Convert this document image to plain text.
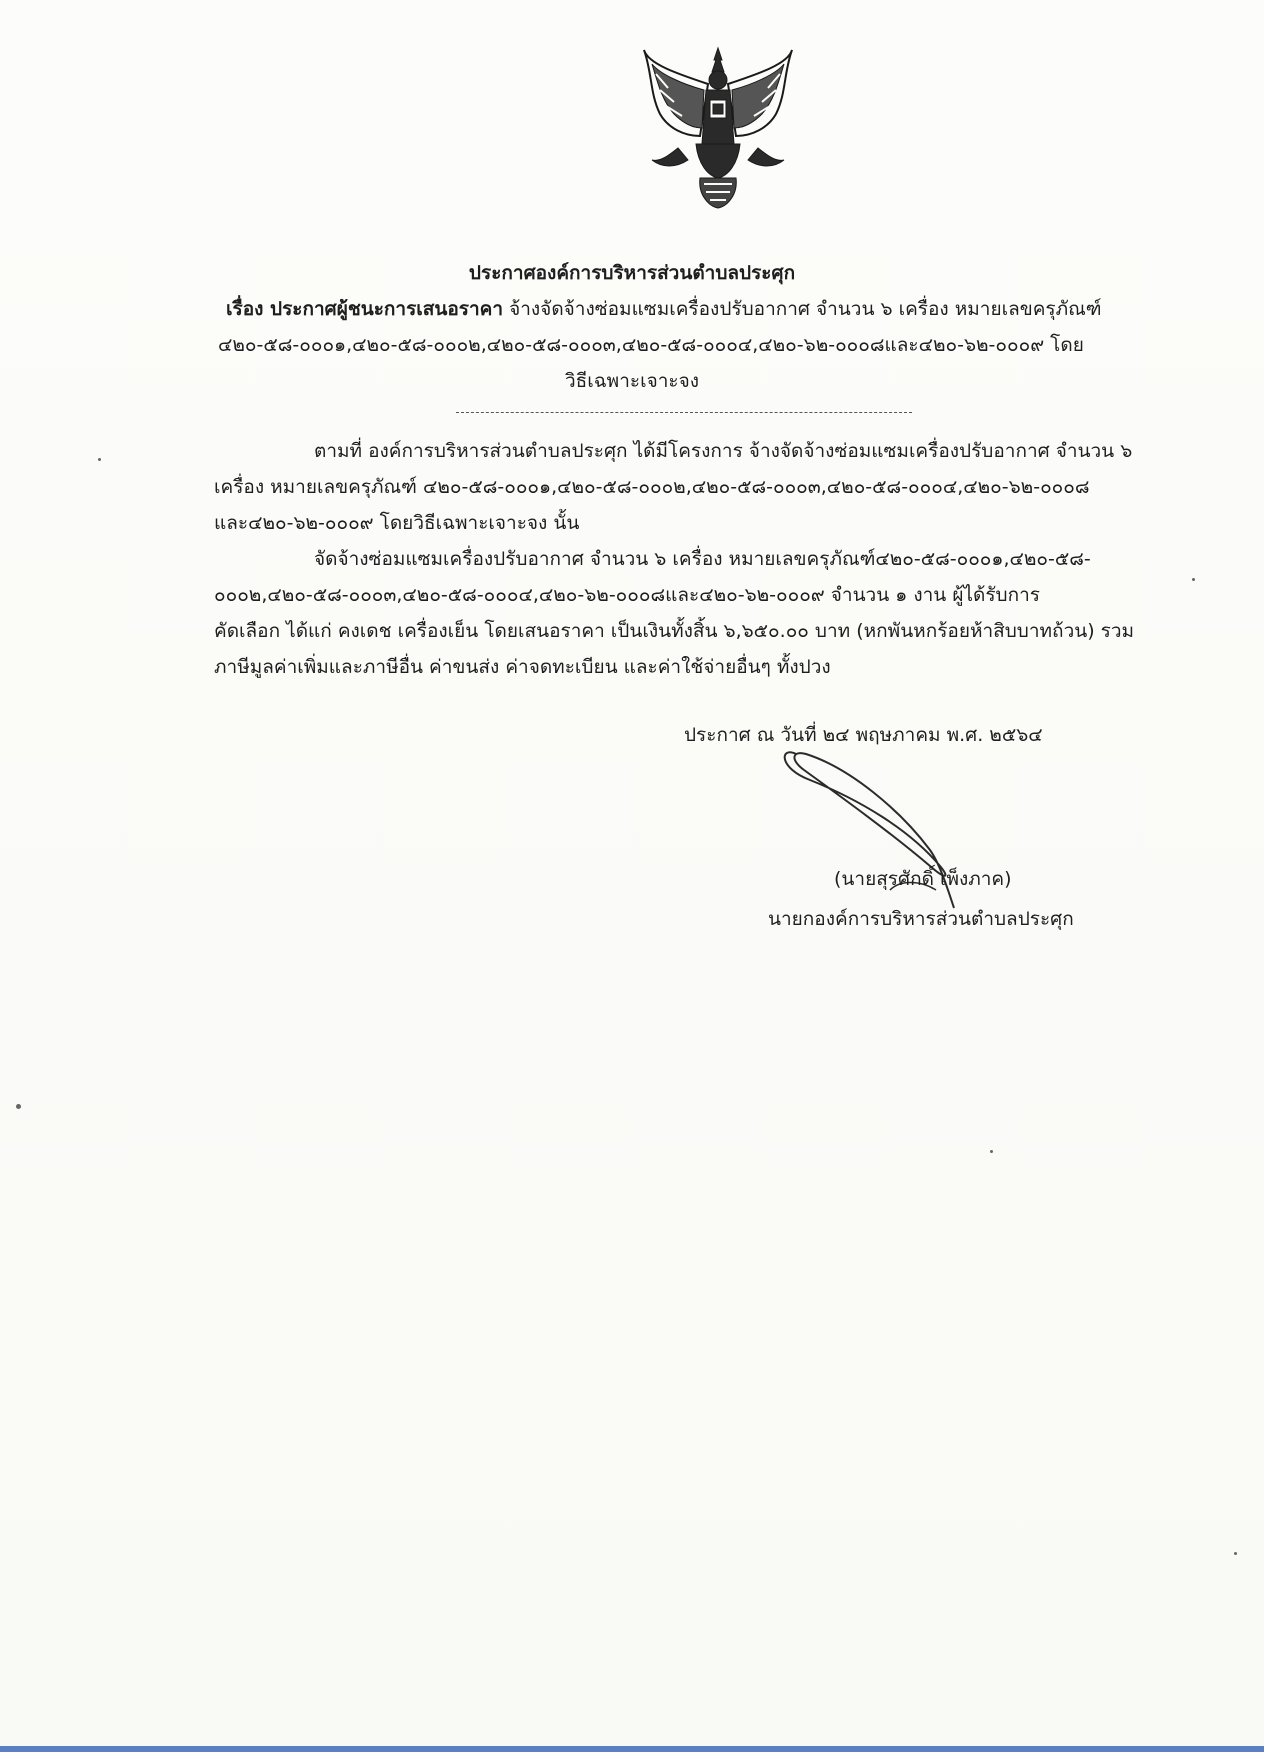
ประกาศองค์การบริหารส่วนตำบลประศุก
เรื่อง ประกาศผู้ชนะการเสนอราคา จ้างจัดจ้างซ่อมแซมเครื่องปรับอากาศ จำนวน ๖ เครื่อง หมายเลขครุภัณฑ์
๔๒๐-๕๘-๐๐๐๑,๔๒๐-๕๘-๐๐๐๒,๔๒๐-๕๘-๐๐๐๓,๔๒๐-๕๘-๐๐๐๔,๔๒๐-๖๒-๐๐๐๘และ๔๒๐-๖๒-๐๐๐๙ โดย
วิธีเฉพาะเจาะจง
ตามที่ องค์การบริหารส่วนตำบลประศุก ได้มีโครงการ จ้างจัดจ้างซ่อมแซมเครื่องปรับอากาศ จำนวน ๖
เครื่อง หมายเลขครุภัณฑ์ ๔๒๐-๕๘-๐๐๐๑,๔๒๐-๕๘-๐๐๐๒,๔๒๐-๕๘-๐๐๐๓,๔๒๐-๕๘-๐๐๐๔,๔๒๐-๖๒-๐๐๐๘
และ๔๒๐-๖๒-๐๐๐๙ โดยวิธีเฉพาะเจาะจง นั้น
จัดจ้างซ่อมแซมเครื่องปรับอากาศ จำนวน ๖ เครื่อง หมายเลขครุภัณฑ์๔๒๐-๕๘-๐๐๐๑,๔๒๐-๕๘-
๐๐๐๒,๔๒๐-๕๘-๐๐๐๓,๔๒๐-๕๘-๐๐๐๔,๔๒๐-๖๒-๐๐๐๘และ๔๒๐-๖๒-๐๐๐๙ จำนวน ๑ งาน ผู้ได้รับการ
คัดเลือก ได้แก่ คงเดช เครื่องเย็น โดยเสนอราคา เป็นเงินทั้งสิ้น ๖,๖๕๐.๐๐ บาท (หกพันหกร้อยห้าสิบบาทถ้วน) รวม
ภาษีมูลค่าเพิ่มและภาษีอื่น ค่าขนส่ง ค่าจดทะเบียน และค่าใช้จ่ายอื่นๆ ทั้งปวง
ประกาศ ณ วันที่ ๒๔ พฤษภาคม พ.ศ. ๒๕๖๔
(นายสุรศักดิ์ เพ็งภาค)
นายกองค์การบริหารส่วนตำบลประศุก
